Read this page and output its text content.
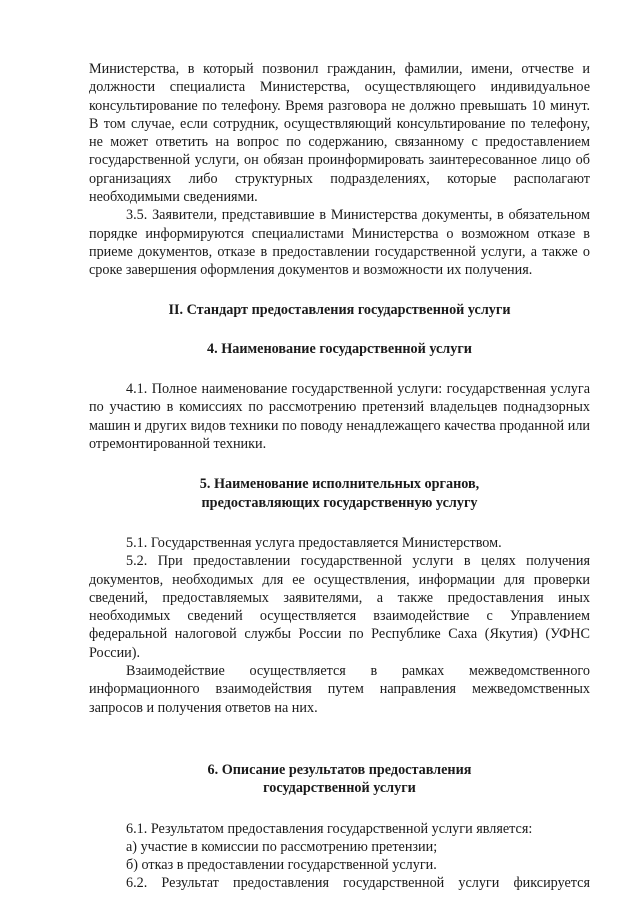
Министерства, в который позвонил гражданин, фамилии, имени, отчестве и должности специалиста Министерства, осуществляющего индивидуальное консультирование по телефону. Время разговора не должно превышать 10 минут. В том случае, если сотрудник, осуществляющий консультирование по телефону, не может ответить на вопрос по содержанию, связанному с предоставлением государственной услуги, он обязан проинформировать заинтересованное лицо об организациях либо структурных подразделениях, которые располагают необходимыми сведениями.

3.5. Заявители, представившие в Министерства документы, в обязательном порядке информируются специалистами Министерства о возможном отказе в приеме документов, отказе в предоставлении государственной услуги, а также о сроке завершения оформления документов и возможности их получения.

II. Стандарт предоставления государственной услуги
4. Наименование государственной услуги

4.1. Полное наименование государственной услуги: государственная услуга по участию в комиссиях по рассмотрению претензий владельцев поднадзорных машин и других видов техники по поводу ненадлежащего качества проданной или отремонтированной техники.

5. Наименование исполнительных органов,
предоставляющих государственную услугу

5.1. Государственная услуга предоставляется Министерством.

5.2. При предоставлении государственной услуги в целях получения документов, необходимых для ее осуществления, информации для проверки сведений, предоставляемых заявителями, а также предоставления иных необходимых сведений осуществляется взаимодействие с Управлением федеральной налоговой службы России по Республике Саха (Якутия) (УФНС России).

Взаимодействие осуществляется в рамках межведомственного информационного взаимодействия путем направления межведомственных запросов и получения ответов на них.

6. Описание результатов предоставления
государственной услуги

6.1. Результатом предоставления государственной услуги является:

а) участие в комиссии по рассмотрению претензии;

б) отказ в предоставлении государственной услуги.

6.2. Результат предоставления государственной услуги фиксируется
